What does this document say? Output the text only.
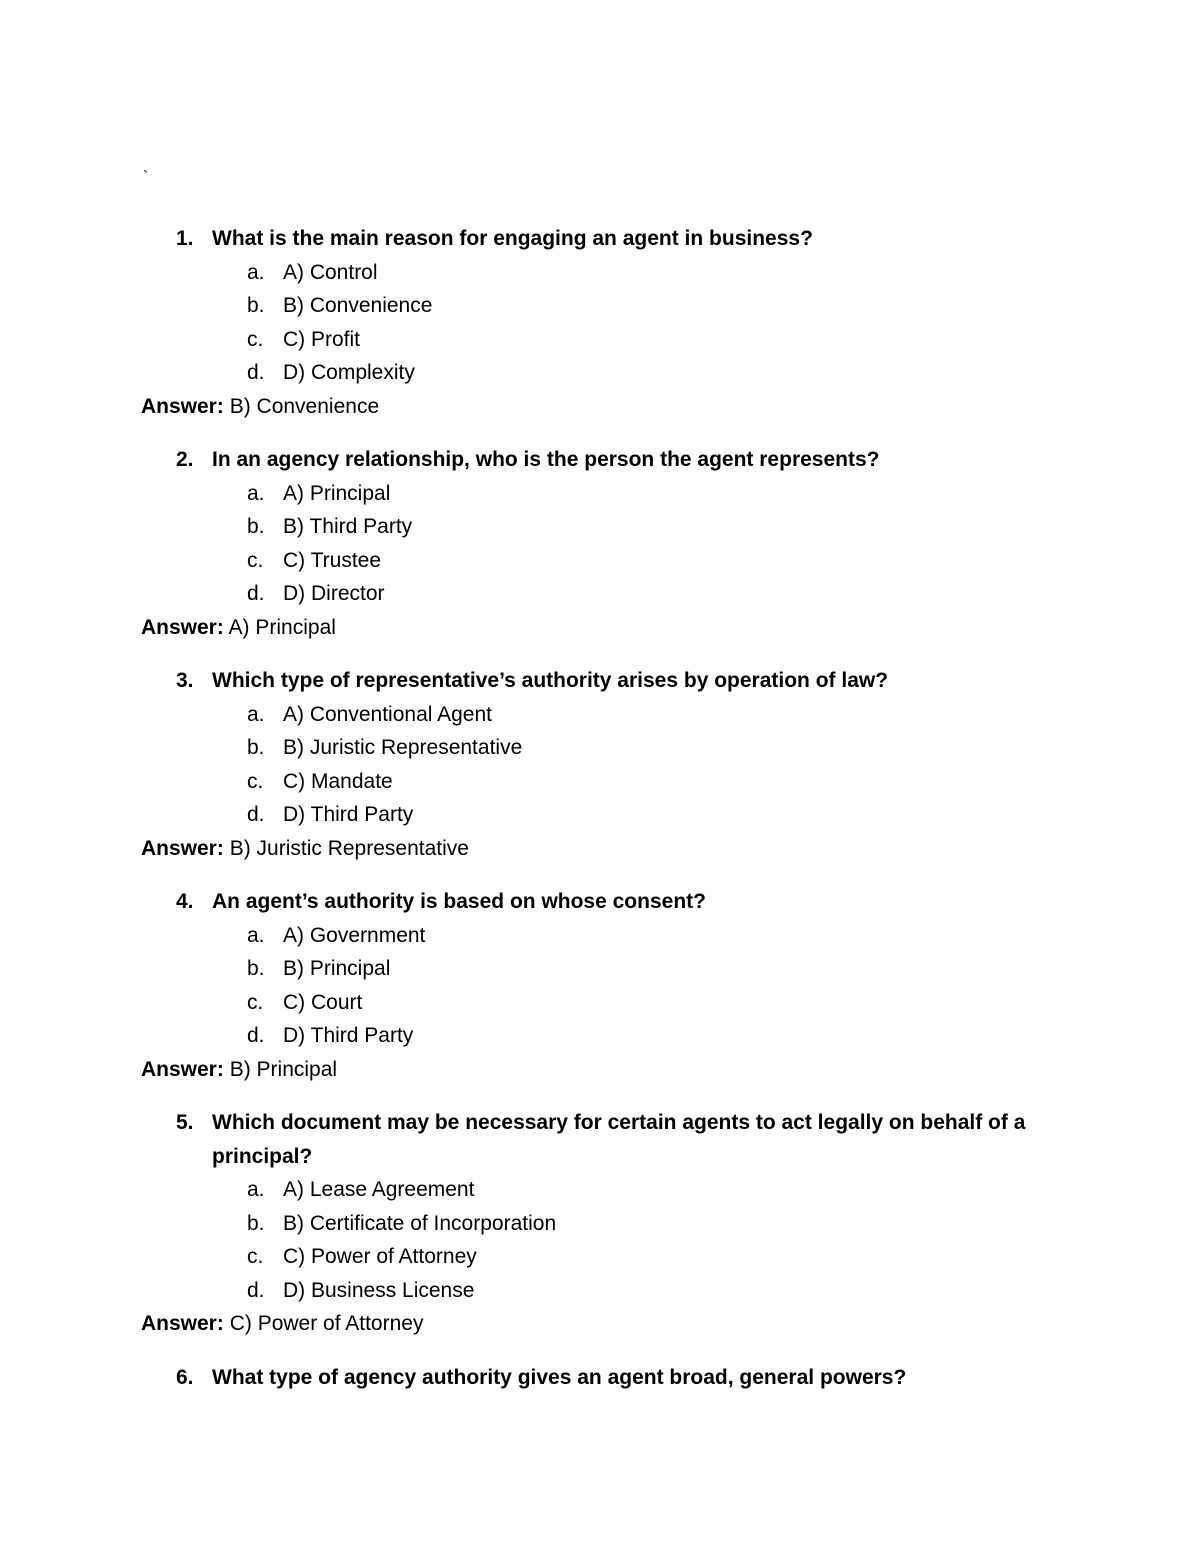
`
1. What is the main reason for engaging an agent in business?
a. A) Control
b. B) Convenience
c. C) Profit
d. D) Complexity
Answer: B) Convenience
2. In an agency relationship, who is the person the agent represents?
a. A) Principal
b. B) Third Party
c. C) Trustee
d. D) Director
Answer: A) Principal
3. Which type of representative’s authority arises by operation of law?
a. A) Conventional Agent
b. B) Juristic Representative
c. C) Mandate
d. D) Third Party
Answer: B) Juristic Representative
4. An agent’s authority is based on whose consent?
a. A) Government
b. B) Principal
c. C) Court
d. D) Third Party
Answer: B) Principal
5. Which document may be necessary for certain agents to act legally on behalf of a principal?
a. A) Lease Agreement
b. B) Certificate of Incorporation
c. C) Power of Attorney
d. D) Business License
Answer: C) Power of Attorney
6. What type of agency authority gives an agent broad, general powers?
